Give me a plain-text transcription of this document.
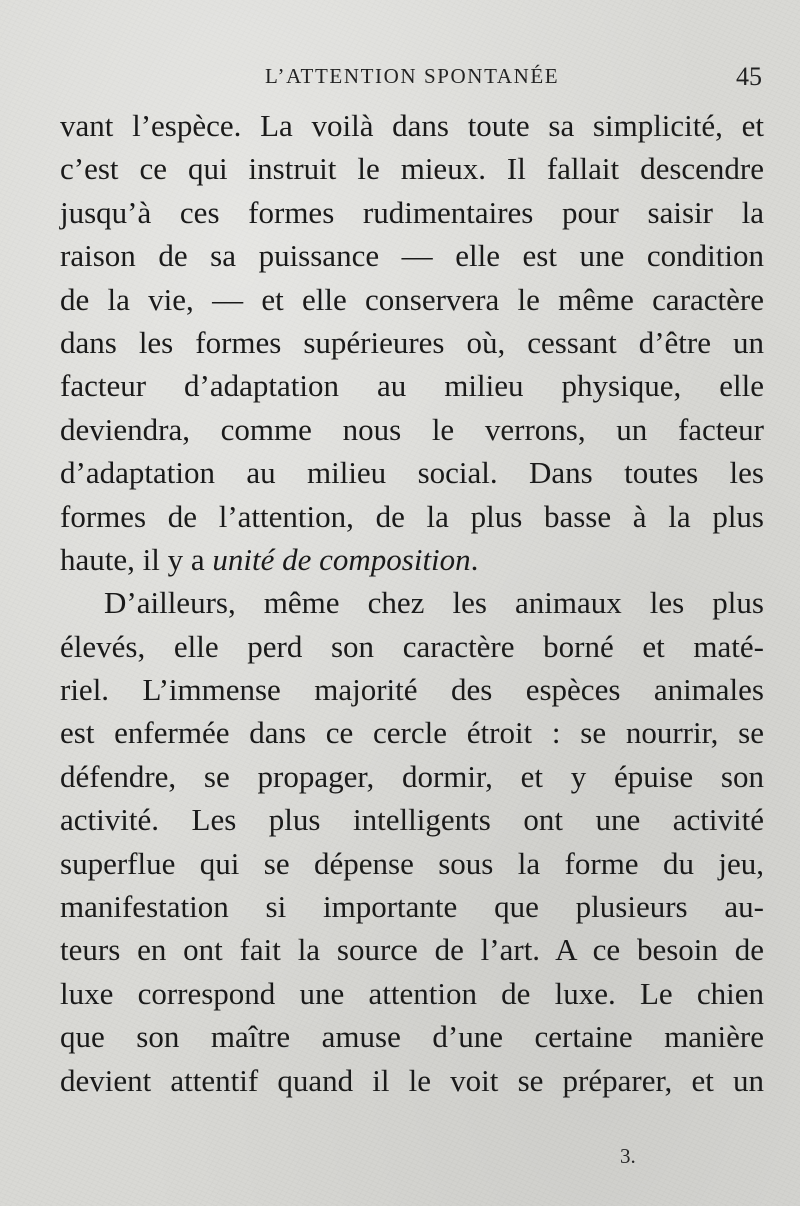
L’ATTENTION SPONTANÉE	45
vant l’espèce. La voilà dans toute sa simplicité, et
c’est ce qui instruit le mieux. Il fallait descendre
jusqu’à ces formes rudimentaires pour saisir la
raison de sa puissance — elle est une condition
de la vie, — et elle conservera le même caractère
dans les formes supérieures où, cessant d’être un
facteur d’adaptation au milieu physique, elle
deviendra, comme nous le verrons, un facteur
d’adaptation au milieu social. Dans toutes les
formes de l’attention, de la plus basse à la plus
haute, il y a unité de composition.
D’ailleurs, même chez les animaux les plus
élevés, elle perd son caractère borné et maté-
riel. L’immense majorité des espèces animales
est enfermée dans ce cercle étroit : se nourrir, se
défendre, se propager, dormir, et y épuise son
activité. Les plus intelligents ont une activité
superflue qui se dépense sous la forme du jeu,
manifestation si importante que plusieurs au-
teurs en ont fait la source de l’art. A ce besoin de
luxe correspond une attention de luxe. Le chien
que son maître amuse d’une certaine manière
devient attentif quand il le voit se préparer, et un
3.
